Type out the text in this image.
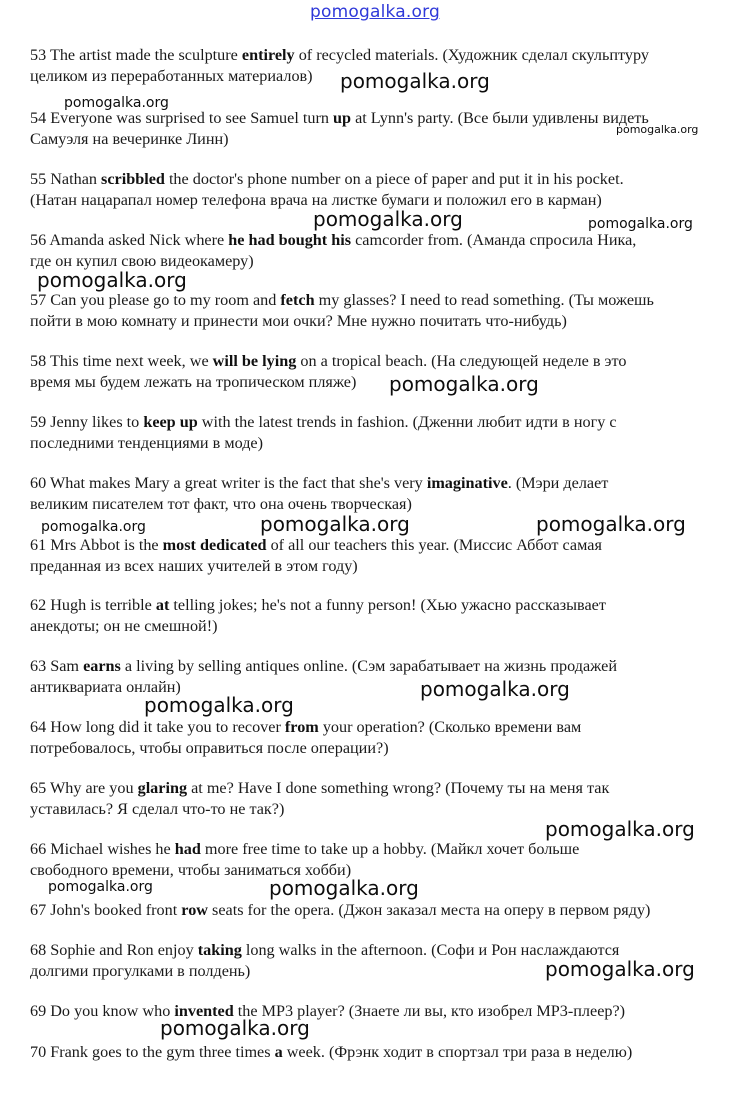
pomogalka.org
53 The artist made the sculpture entirely of recycled materials. (Художник сделал скульптуру
целиком из переработанных материалов)
54 Everyone was surprised to see Samuel turn up at Lynn's party. (Все были удивлены видеть
Самуэля на вечеринке Линн)
55 Nathan scribbled the doctor's phone number on a piece of paper and put it in his pocket.
(Натан нацарапал номер телефона врача на листке бумаги и положил его в карман)
56 Amanda asked Nick where he had bought his camcorder from. (Аманда спросила Ника,
где он купил свою видеокамеру)
57 Can you please go to my room and fetch my glasses? I need to read something. (Ты можешь
пойти в мою комнату и принести мои очки? Мне нужно почитать что-нибудь)
58 This time next week, we will be lying on a tropical beach. (На следующей неделе в это
время мы будем лежать на тропическом пляже)
59 Jenny likes to keep up with the latest trends in fashion. (Дженни любит идти в ногу с
последними тенденциями в моде)
60 What makes Mary a great writer is the fact that she's very imaginative. (Мэри делает
великим писателем тот факт, что она очень творческая)
61 Mrs Abbot is the most dedicated of all our teachers this year. (Миссис Аббот самая
преданная из всех наших учителей в этом году)
62 Hugh is terrible at telling jokes; he's not a funny person! (Хью ужасно рассказывает
анекдоты; он не смешной!)
63 Sam earns a living by selling antiques online. (Сэм зарабатывает на жизнь продажей
антиквариата онлайн)
64 How long did it take you to recover from your operation? (Сколько времени вам
потребовалось, чтобы оправиться после операции?)
65 Why are you glaring at me? Have I done something wrong? (Почему ты на меня так
уставилась? Я сделал что-то не так?)
66 Michael wishes he had more free time to take up a hobby. (Майкл хочет больше
свободного времени, чтобы заниматься хобби)
67 John's booked front row seats for the opera. (Джон заказал места на оперу в первом ряду)
68 Sophie and Ron enjoy taking long walks in the afternoon. (Софи и Рон наслаждаются
долгими прогулками в полдень)
69 Do you know who invented the MP3 player? (Знаете ли вы, кто изобрел MP3-плеер?)
70 Frank goes to the gym three times a week. (Фрэнк ходит в спортзал три раза в неделю)
pomogalka.org
pomogalka.org
pomogalka.org
pomogalka.org	pomogalka.org
pomogalka.org
pomogalka.org
pomogalka.org	pomogalka.org	pomogalka.org
pomogalka.org
pomogalka.org
pomogalka.org
pomogalka.org	pomogalka.org
pomogalka.org
pomogalka.org
